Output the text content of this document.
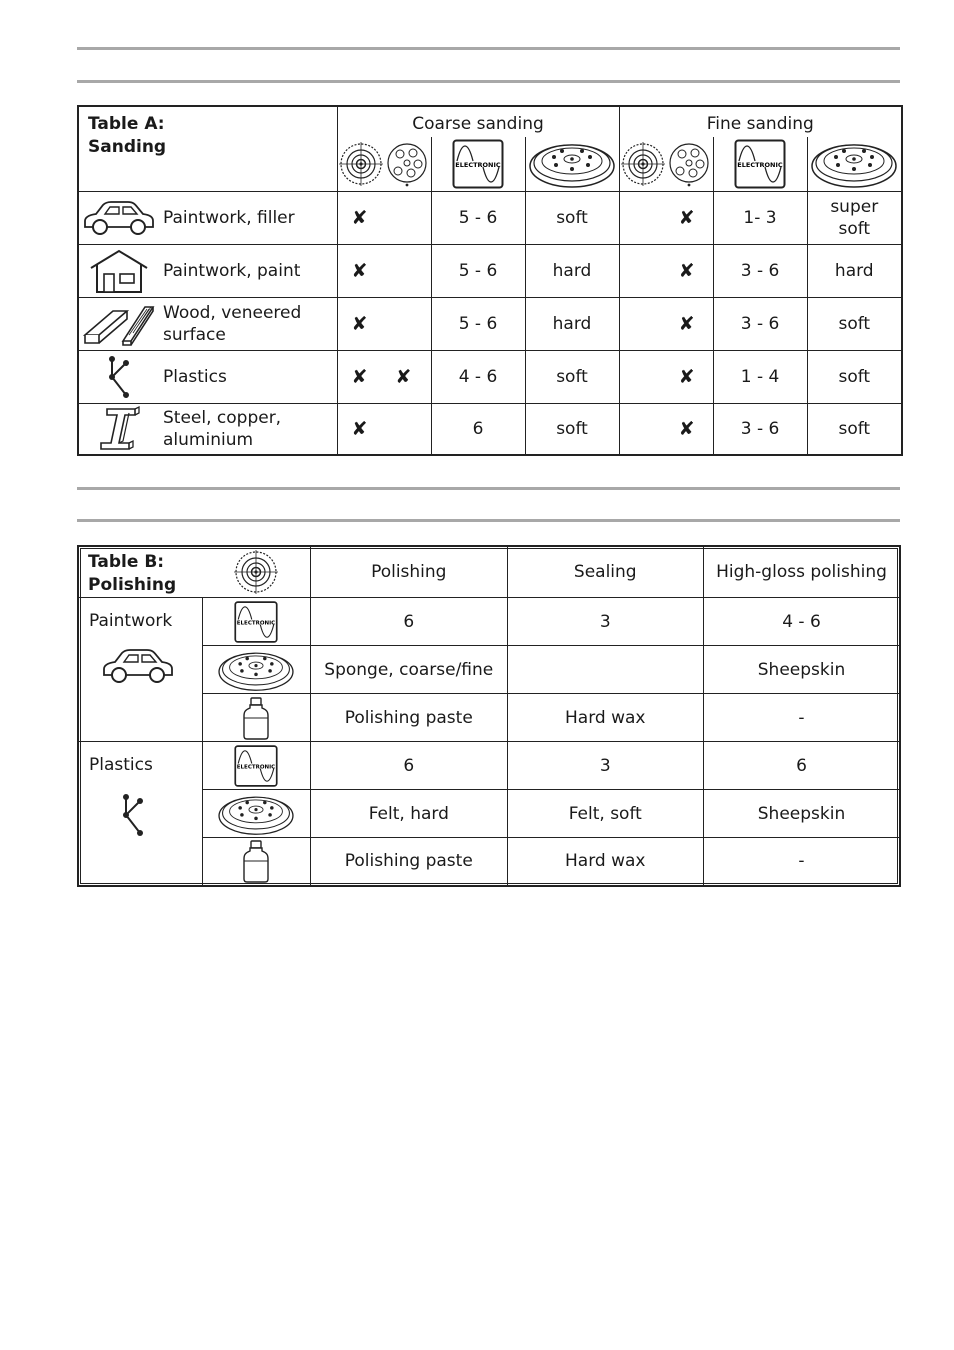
Table A:
Sanding	Coarse sanding			Fine sanding		

ELECTRONIC			ELECTRONIC

Paintwork, filler	✘	5 - 6	soft	✘	1- 3	super
soft

Paintwork, paint	✘	5 - 6	hard	✘	3 - 6	hard

Wood, veneered
surface	✘	5 - 6	hard	✘	3 - 6	soft

Plastics	✘ ✘	4 - 6	soft	✘	1 - 4	soft

Steel, copper,
aluminium	✘	6	soft	✘	3 - 6	soft
Table B:
Polishing		Polishing	Sealing	High-gloss polishing

Paintwork	ELECTRONIC	6	3	4 - 6

	Sponge, coarse/fine		Sheepskin

	Polishing paste	Hard wax	-

Plastics	ELECTRONIC	6	3	6

	Felt, hard	Felt, soft	Sheepskin

	Polishing paste	Hard wax	-
